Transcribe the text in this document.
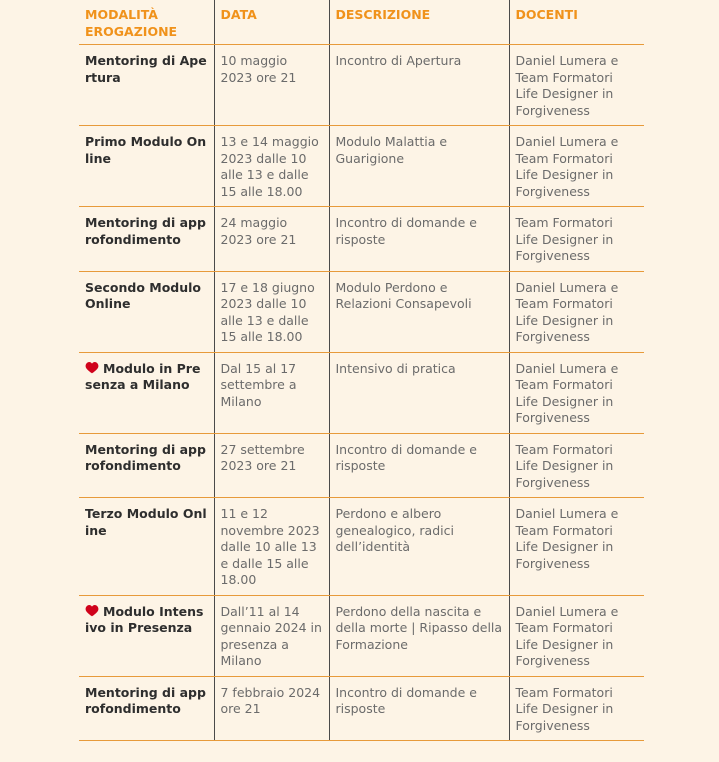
MODALITÀ EROGAZIONE	DATA	DESCRIZIONE	DOCENTI
Mentoring di Apertura	10 maggio 2023 ore 21	Incontro di Apertura	Daniel Lumera e Team Formatori Life Designer in Forgiveness
Primo Modulo Online	13 e 14 maggio 2023 dalle 10 alle 13 e dalle 15 alle 18.00	Modulo Malattia e Guarigione	Daniel Lumera e Team Formatori Life Designer in Forgiveness
Mentoring di approfondimento	24 maggio 2023 ore 21	Incontro di domande e risposte	Team Formatori Life Designer in Forgiveness
Secondo Modulo Online	17 e 18 giugno 2023 dalle 10 alle 13 e dalle 15 alle 18.00	Modulo Perdono e Relazioni Consapevoli	Daniel Lumera e Team Formatori Life Designer in Forgiveness
Modulo in Presenza a Milano	Dal 15 al 17 settembre a Milano	Intensivo di pratica	Daniel Lumera e Team Formatori Life Designer in Forgiveness
Mentoring di approfondimento	27 settembre 2023 ore 21	Incontro di domande e risposte	Team Formatori Life Designer in Forgiveness
Terzo Modulo Online	11 e 12 novembre 2023 dalle 10 alle 13 e dalle 15 alle 18.00	Perdono e albero genealogico, radici dell’identità	Daniel Lumera e Team Formatori Life Designer in Forgiveness
Modulo Intensivo in Presenza	Dall’11 al 14 gennaio 2024 in presenza a Milano	Perdono della nascita e della morte | Ripasso della Formazione	Daniel Lumera e Team Formatori Life Designer in Forgiveness
Mentoring di approfondimento	7 febbraio 2024 ore 21	Incontro di domande e risposte	Team Formatori Life Designer in Forgiveness
